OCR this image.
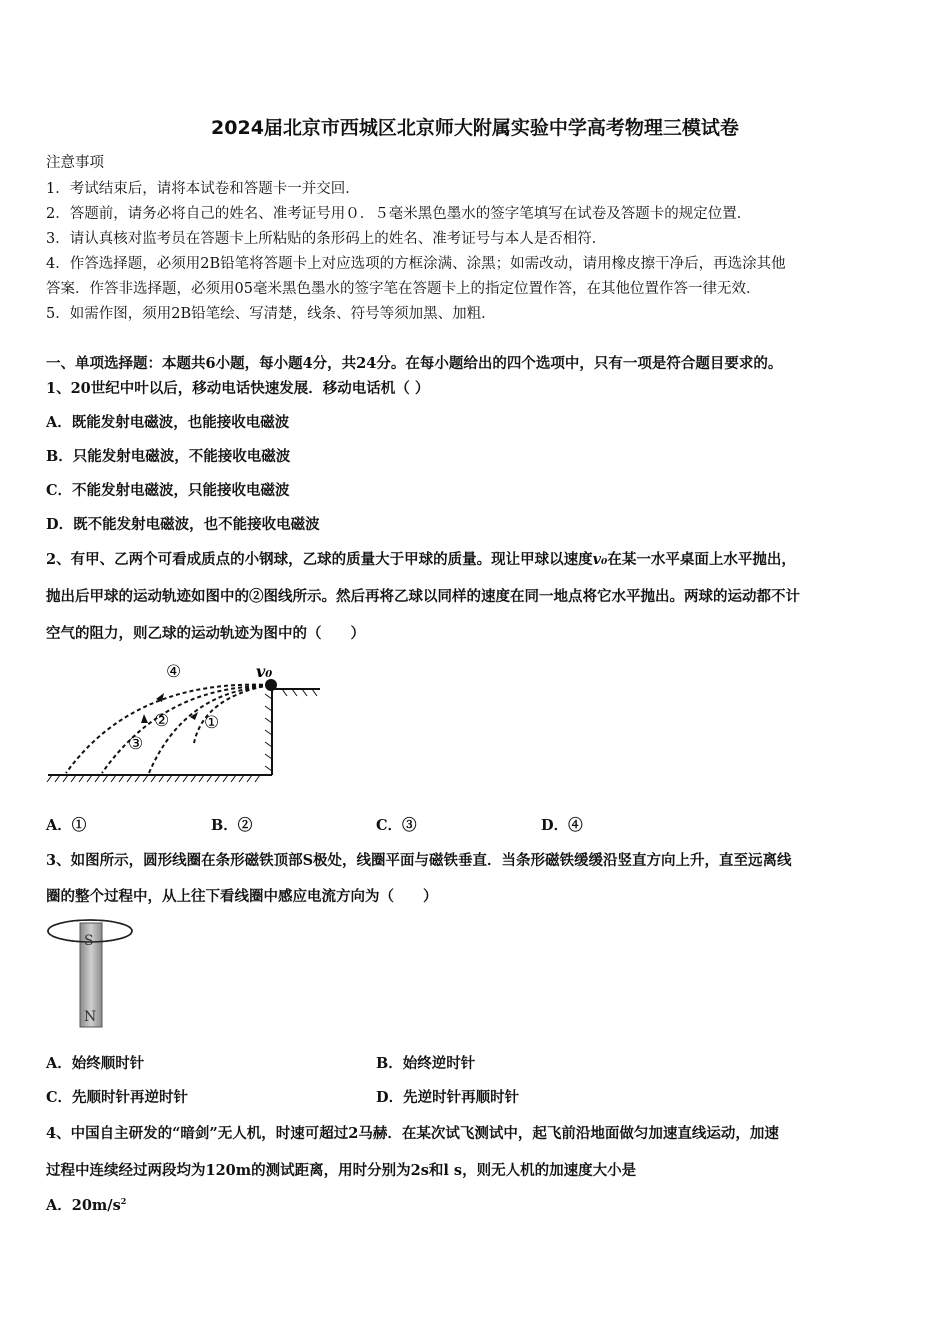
2024届北京市西城区北京师大附属实验中学高考物理三模试卷
注意事项
1．考试结束后，请将本试卷和答题卡一并交回．
2．答题前，请务必将自己的姓名、准考证号用０．５毫米黑色墨水的签字笔填写在试卷及答题卡的规定位置．
3．请认真核对监考员在答题卡上所粘贴的条形码上的姓名、准考证号与本人是否相符．
4．作答选择题，必须用2B铅笔将答题卡上对应选项的方框涂满、涂黑；如需改动，请用橡皮擦干净后，再选涂其他
答案．作答非选择题，必须用05毫米黑色墨水的签字笔在答题卡上的指定位置作答，在其他位置作答一律无效．
5．如需作图，须用2B铅笔绘、写清楚，线条、符号等须加黑、加粗．
一、单项选择题：本题共6小题，每小题4分，共24分。在每小题给出的四个选项中，只有一项是符合题目要求的。
1、20世纪中叶以后，移动电话快速发展．移动电话机（ ）
A．既能发射电磁波，也能接收电磁波
B．只能发射电磁波，不能接收电磁波
C．不能发射电磁波，只能接收电磁波
D．既不能发射电磁波，也不能接收电磁波
2、有甲、乙两个可看成质点的小钢球，乙球的质量大于甲球的质量。现让甲球以速度v₀在某一水平桌面上水平抛出，
抛出后甲球的运动轨迹如图中的②图线所示。然后再将乙球以同样的速度在同一地点将它水平抛出。两球的运动都不计
空气的阻力，则乙球的运动轨迹为图中的（　　）
④
② ①
③
v₀
A．①	B．②	C．③	D．④
3、如图所示，圆形线圈在条形磁铁顶部S极处，线圈平面与磁铁垂直．当条形磁铁缓缓沿竖直方向上升，直至远离线
圈的整个过程中，从上往下看线圈中感应电流方向为（　　）
S
N
A．始终顺时针	B．始终逆时针
C．先顺时针再逆时针	D．先逆时针再顺时针
4、中国自主研发的“暗剑”无人机，时速可超过2马赫．在某次试飞测试中，起飞前沿地面做匀加速直线运动，加速
过程中连续经过两段均为120m的测试距离，用时分别为2s和l s，则无人机的加速度大小是
A．$20m/s^2$
